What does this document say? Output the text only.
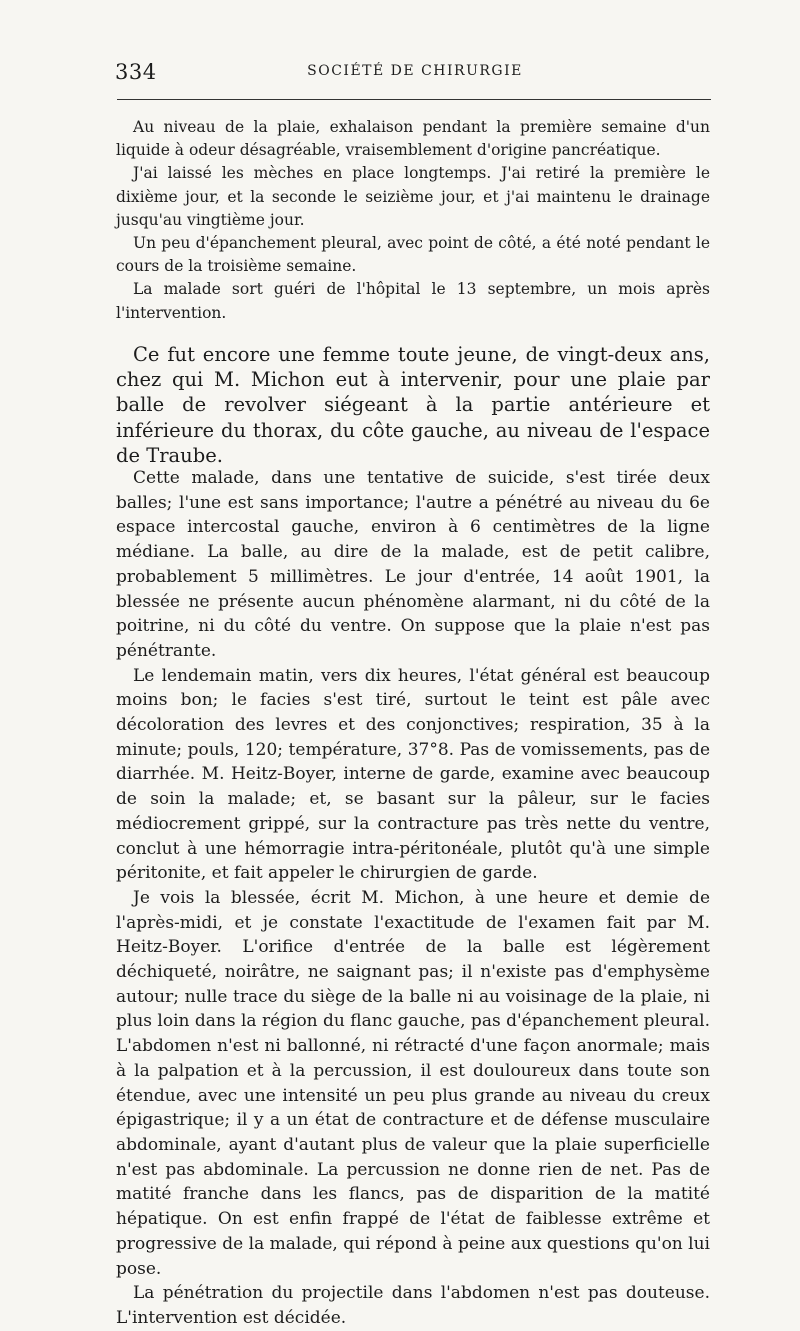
334	SOCIÉTÉ DE CHIRURGIE

Au niveau de la plaie, exhalaison pendant la première semaine d'un liquide à odeur désagréable, vraisemblement d'origine pancréatique.

J'ai laissé les mèches en place longtemps. J'ai retiré la première le dixième jour, et la seconde le seizième jour, et j'ai maintenu le drainage jusqu'au vingtième jour.

Un peu d'épanchement pleural, avec point de côté, a été noté pendant le cours de la troisième semaine.

La malade sort guéri de l'hôpital le 13 septembre, un mois après l'intervention.

Ce fut encore une femme toute jeune, de vingt-deux ans, chez qui M. Michon eut à intervenir, pour une plaie par balle de revolver siégeant à la partie antérieure et inférieure du thorax, du côte gauche, au niveau de l'espace de Traube.

Cette malade, dans une tentative de suicide, s'est tirée deux balles; l'une est sans importance; l'autre a pénétré au niveau du 6e espace intercostal gauche, environ à 6 centimètres de la ligne médiane. La balle, au dire de la malade, est de petit calibre, probablement 5 millimètres. Le jour d'entrée, 14 août 1901, la blessée ne présente aucun phénomène alarmant, ni du côté de la poitrine, ni du côté du ventre. On suppose que la plaie n'est pas pénétrante.

Le lendemain matin, vers dix heures, l'état général est beaucoup moins bon; le facies s'est tiré, surtout le teint est pâle avec décoloration des levres et des conjonctives; respiration, 35 à la minute; pouls, 120; température, 37°8. Pas de vomissements, pas de diarrhée. M. Heitz-Boyer, interne de garde, examine avec beaucoup de soin la malade; et, se basant sur la pâleur, sur le facies médiocrement grippé, sur la contracture pas très nette du ventre, conclut à une hémorragie intra-péritonéale, plutôt qu'à une simple péritonite, et fait appeler le chirurgien de garde.

Je vois la blessée, écrit M. Michon, à une heure et demie de l'après-midi, et je constate l'exactitude de l'examen fait par M. Heitz-Boyer. L'orifice d'entrée de la balle est légèrement déchiqueté, noirâtre, ne saignant pas; il n'existe pas d'emphysème autour; nulle trace du siège de la balle ni au voisinage de la plaie, ni plus loin dans la région du flanc gauche, pas d'épanchement pleural. L'abdomen n'est ni ballonné, ni rétracté d'une façon anormale; mais à la palpation et à la percussion, il est douloureux dans toute son étendue, avec une intensité un peu plus grande au niveau du creux épigastrique; il y a un état de contracture et de défense musculaire abdominale, ayant d'autant plus de valeur que la plaie superficielle n'est pas abdominale. La percussion ne donne rien de net. Pas de matité franche dans les flancs, pas de disparition de la matité hépatique. On est enfin frappé de l'état de faiblesse extrême et progressive de la malade, qui répond à peine aux questions qu'on lui pose.

La pénétration du projectile dans l'abdomen n'est pas douteuse. L'intervention est décidée.
